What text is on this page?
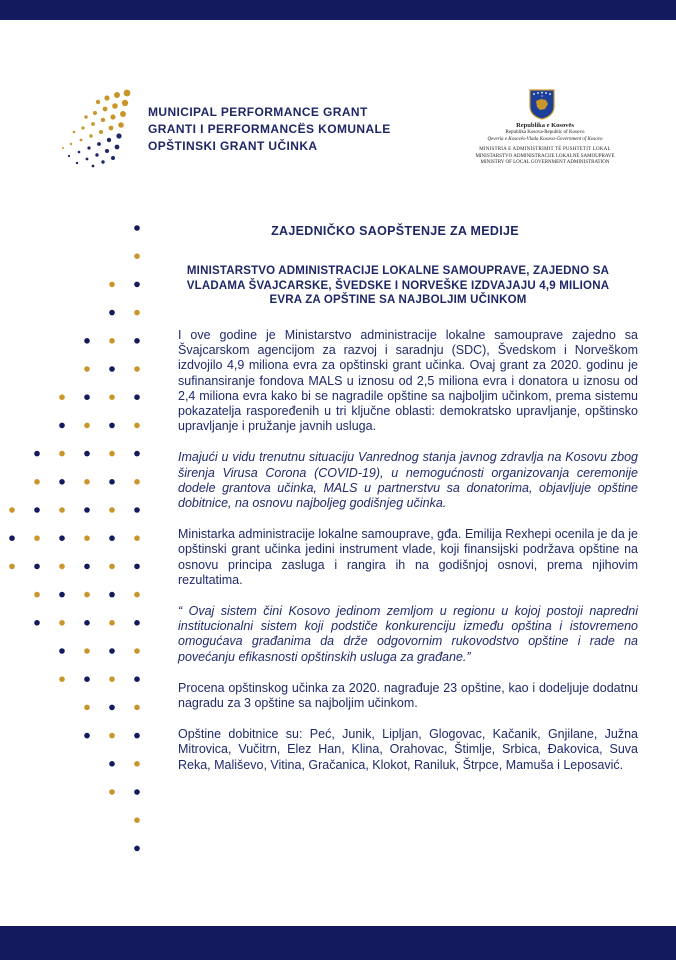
MUNICIPAL PERFORMANCE GRANT
GRANTI I PERFORMANCËS KOMUNALE
OPŠTINSKI GRANT UČINKA
Republika e Kosovës
Republika Kosova-Republic of Kosovo
Qeveria e Kosovës-Vlada Kosova-Government of Kosovo
MINISTRIA E ADMINISTRIMIT TË PUSHTETIT LOKAL
MINISTARSTVO ADMINISTRACIJE LOKALNE SAMOUPRAVE
MINISTRY OF LOCAL GOVERNMENT ADMINISTRATION
ZAJEDNIČKO SAOPŠTENJE ZA MEDIJE
MINISTARSTVO ADMINISTRACIJE LOKALNE SAMOUPRAVE, ZAJEDNO SA
VLADAMA ŠVAJCARSKE, ŠVEDSKE I NORVEŠKE IZDVAJAJU 4,9 MILIONA
EVRA ZA OPŠTINE SA NAJBOLJIM UČINKOM

I ove godine je Ministarstvo administracije lokalne samouprave zajedno sa Švajcarskom agencijom za razvoj i saradnju (SDC), Švedskom i Norveškom izdvojilo 4,9 miliona evra za opštinski grant učinka. Ovaj grant za 2020. godinu je sufinansiranje fondova MALS u iznosu od 2,5 miliona evra i donatora u iznosu od 2,4 miliona evra kako bi se nagradile opštine sa najboljim učinkom, prema sistemu pokazatelja raspoređenih u tri ključne oblasti: demokratsko upravljanje, opštinsko upravljanje i pružanje javnih usluga.

Imajući u vidu trenutnu situaciju Vanrednog stanja javnog zdravlja na Kosovu zbog širenja Virusa Corona (COVID-19), u nemogućnosti organizovanja ceremonije dodele grantova učinka, MALS u partnerstvu sa donatorima, objavljuje opštine dobitnice, na osnovu najboljeg godišnjeg učinka.

Ministarka administracije lokalne samouprave, gđa. Emilija Rexhepi ocenila je da je opštinski grant učinka jedini instrument vlade, koji finansijski podržava opštine na osnovu principa zasluga i rangira ih na godišnjoj osnovi, prema njihovim rezultatima.

“ Ovaj sistem čini Kosovo jedinom zemljom u regionu u kojoj postoji napredni institucionalni sistem koji podstiče konkurenciju između opština i istovremeno omogućava građanima da drže odgovornim rukovodstvo opštine i rade na povećanju efikasnosti opštinskih usluga za građane.”

Procena opštinskog učinka za 2020. nagrađuje 23 opštine, kao i dodeljuje dodatnu nagradu za 3 opštine sa najboljim učinkom.

Opštine dobitnice su: Peć, Junik, Lipljan, Glogovac, Kačanik, Gnjilane, Južna Mitrovica, Vučitrn, Elez Han, Klina, Orahovac, Štimlje, Srbica, Đakovica, Suva Reka, Mališevo, Vitina, Gračanica, Klokot, Raniluk, Štrpce, Mamuša i Leposavić.
